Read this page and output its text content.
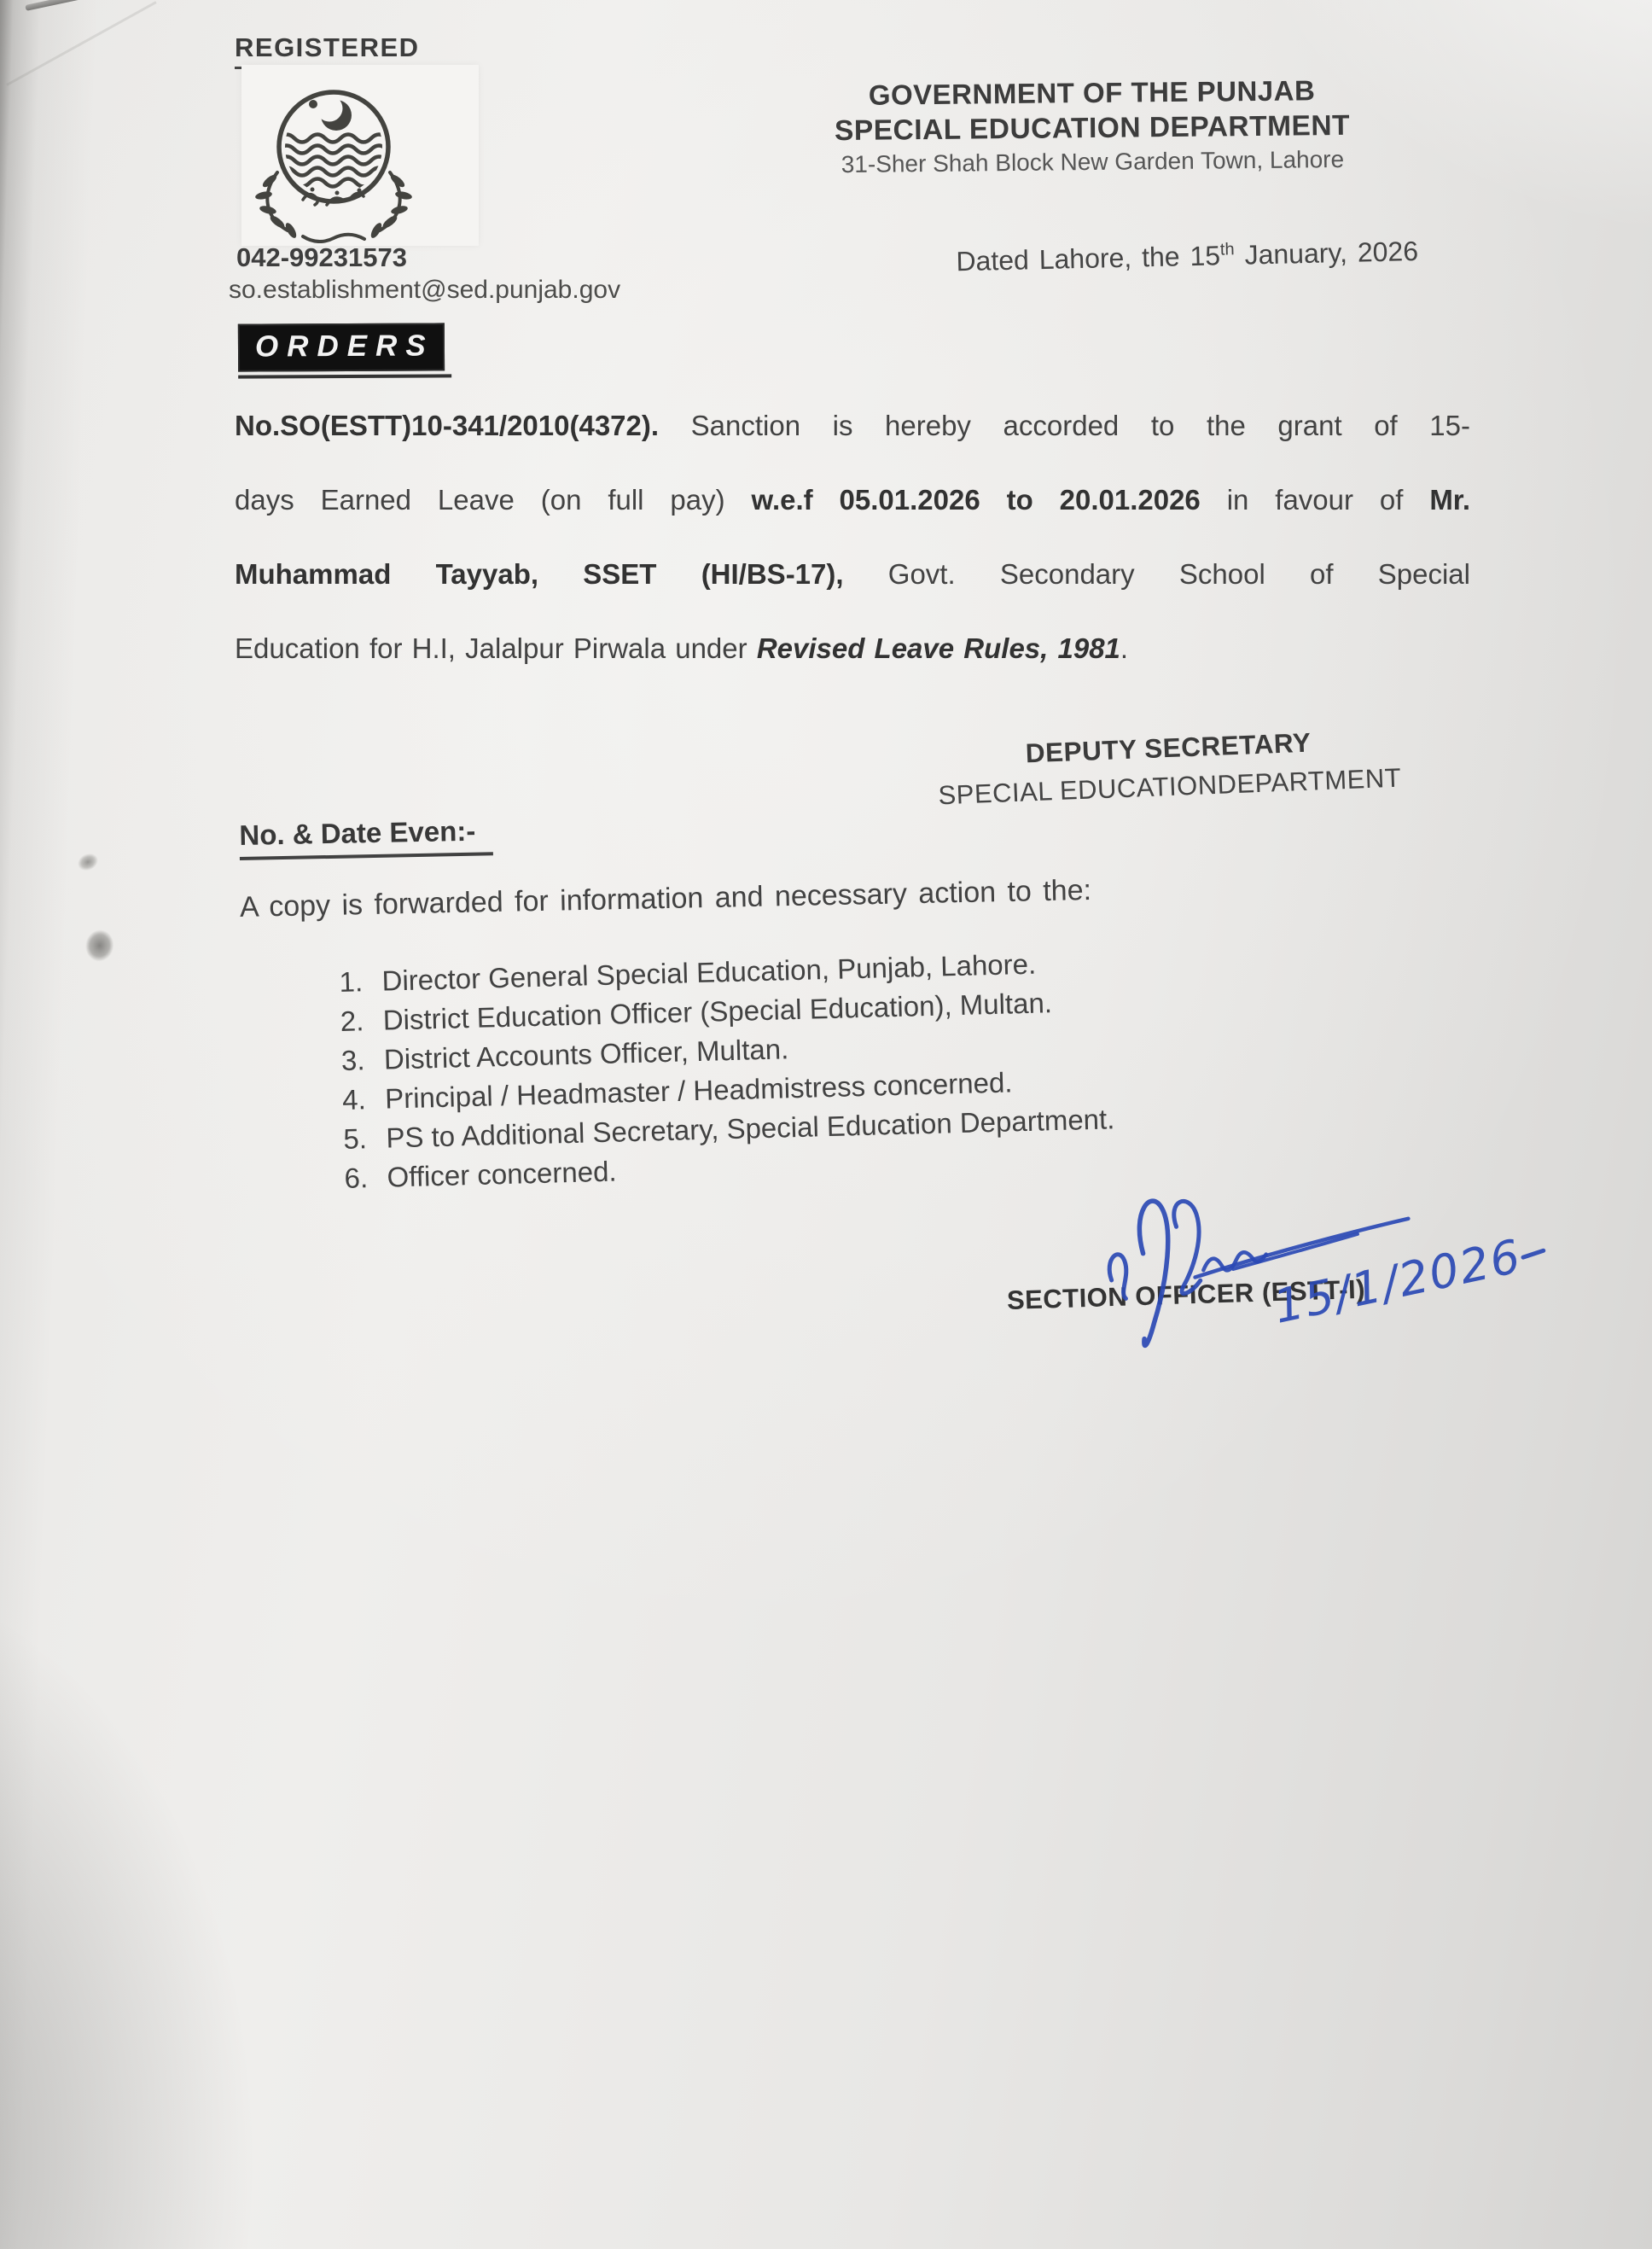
REGISTERED
042-99231573
so.establishment@sed.punjab.gov
GOVERNMENT OF THE PUNJAB
SPECIAL EDUCATION DEPARTMENT
31-Sher Shah Block New Garden Town, Lahore
Dated Lahore, the 15th January, 2026
ORDERS
No.SO(ESTT)10-341/2010(4372). Sanction is hereby accorded to the grant of 15-
days Earned Leave (on full pay) w.e.f 05.01.2026 to 20.01.2026 in favour of Mr.
Muhammad Tayyab, SSET (HI/BS-17), Govt. Secondary School of Special
Education for H.I, Jalalpur Pirwala under Revised Leave Rules, 1981.
DEPUTY SECRETARY
SPECIAL EDUCATIONDEPARTMENT
No. & Date Even:-
A copy is forwarded for information and necessary action to the:
1. Director General Special Education, Punjab, Lahore.
2. District Education Officer (Special Education), Multan.
3. District Accounts Officer, Multan.
4. Principal / Headmaster / Headmistress concerned.
5. PS to Additional Secretary, Special Education Department.
6. Officer concerned.
15/1/2026
SECTION OFFICER (ESTT-I)
